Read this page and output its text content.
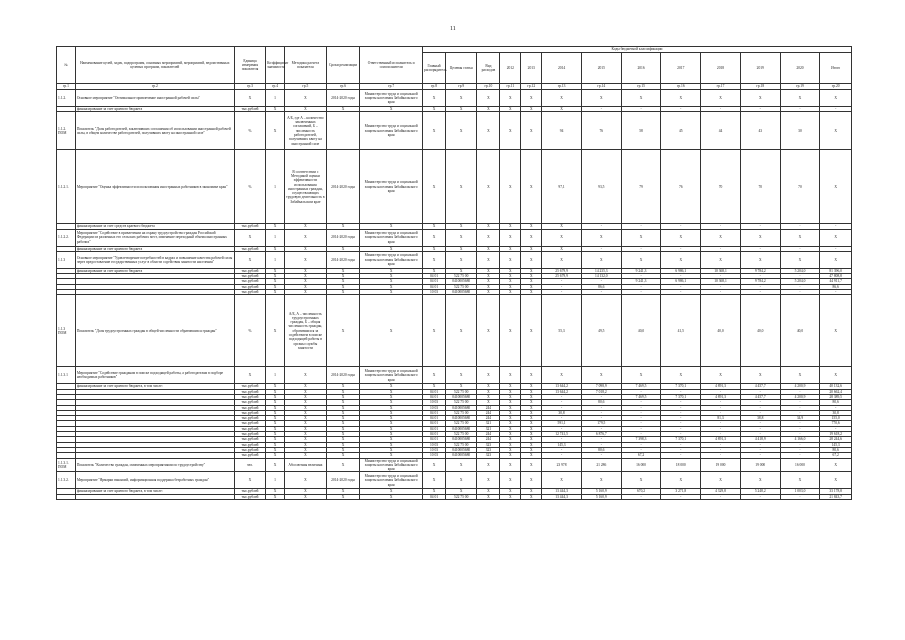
11
№	Наименование целей, задач, подпрограмм, основных мероприятий, мероприятий, ведомственных целевых программ, показателей	Единица измерения показателя	Коэффициент значимости	Методика расчета показателя	Сроки реализации	Ответственный исполнитель и соисполнители	Коды бюджетной классификации												
							Главный распорядитель	Целевая статья	Вид расходов	2012	2013	2014	2015	2016	2017	2018	2019	2020	Итого
гр.1	гр.2	гр.3	гр.4	гр.5	гр.6	гр.7	гр.8	гр.9	гр.10	гр.11	гр.12	гр.13	гр.14	гр.15	гр.16	гр.17	гр.18	гр.19	гр.20
1.1.2.	Основное мероприятие "Оптимальное привлечение иностранной рабочей силы"	Х	1	Х	2014-2020 годы	Министерство труда и социальной защиты населения Забайкальского края	Х	Х	Х	Х	Х	Х	Х	Х	Х	Х	Х	Х	Х
	финансирование за счет краевого бюджета	тыс.рублей	Х	Х	Х	Х	Х	Х	Х	Х	Х	Х	-	-	-	-	-	-	-
1.1.2. ПОМ	Показатель "Доля работодателей, заключивших соглашения об использовании иностранной рабочей силы, в общем количестве работодателей, получивших квоту на иностранной силе"	%	Х	А/Б, где А – количество заключенных соглашений, Б – численность работодателей, получивших квоту на иностранной силе		Министерство труда и социальной защиты населения Забайкальского края	Х	Х	Х	Х	Х	94	76	58	45	44	43	30	Х
1.1.2.1.	Мероприятие "Оценка эффективности использования иностранных работников в экономике края"	%	1	В соответствии с Методикой оценки эффективности использования иностранных граждан, осуществляющих трудовую деятельность в Забайкальском крае	2014-2020 годы	Министерство труда и социальной защиты населения Забайкальского края	Х	Х	Х	Х	Х	97,1	93,5	79	76	70	70	70	Х
	финансирование за счет средств краевого бюджета	тыс.рублей	Х	Х	Х	Х	Х	Х	Х	Х	Х	Х	-	-	-	-	-	-	-
1.1.2.2.	Мероприятие "Содействие в привлечении на охрану трудоустройство граждан Российской Федерации из различных его сельских рабочих мест, изменение переходный объема иностранных рабочих"	Х	1	Х	2014-2020 годы	Министерство труда и социальной защиты населения Забайкальского края	Х	Х	Х	Х	Х	Х	Х	Х	Х	Х	Х	Х	Х
	финансирование за счет краевого бюджета	тыс.рублей	Х	Х	Х	Х	Х	Х	Х	Х	Х	Х	-	-	-	-	-	-	-
1.1.3	Основное мероприятие "Удовлетворение потребностей в кадрах и повышение качества рабочей силы через предоставление государственных услуг в области содействия занятости населения"	Х	1	Х	2014-2020 годы	Министерство труда и социальной защиты населения Забайкальского края	Х	Х	Х	Х	Х	Х	Х	Х	Х	Х	Х	Х	Х
	финансирование за счет краевого бюджета	тыс.рублей	Х	Х	Х	Х	Х	Х	Х	Х	Х	25 679,9	14 235,3	9 241,3	6 986,1	10 368,1	9 784,2	5 204,0	81 396,0
		тыс.рублей	Х	Х	Х	Х	04 01	522 75 00	Х	Х	Х	25 679,9	14 132,0	-	-	-	-	-	47 808,8
		тыс.рублей	Х	Х	Х	Х	04 01	0410005680	Х	Х	Х	-	-	9 241,3	6 986,1	10 368,1	9 784,2	5 204,0	44 911,7
		тыс.рублей	Х	Х	Х	Х	04 01	522 75 00	Х	Х	Х	-	86,6	-	-	-	-	-	86,6
		тыс.рублей	Х	Х	Х	Х	10 03	0410005680	Х	Х	Х	-	-	-	-	-	-	-	-
1.1.3 ПОМ	Показатель "Доля трудоустроенных граждан в общей численности обратившихся граждан"	%	Х	А/Б, А – численность трудоустроенных граждан, Б – общая численность граждан, обратившихся за содействием в поиске подходящей работы в органы службы занятости	Х	Х	Х	Х	Х	Х	Х	55,3	49,5	40,0	41,5	40,0	40,0	40,0	Х
1.1.3.1	Мероприятие "Содействие гражданам в поиске подходящей работы, а работодателям в подборе необходимых работников"	Х	1	Х	2014-2020 годы	Министерство труда и социальной защиты населения Забайкальского края	Х	Х	Х	Х	Х	Х	Х	Х	Х	Х	Х	Х	Х
	финансирование за счет краевого бюджета, в том числе:	тыс.рублей	Х	Х	Х	Х	Х	Х	Х	Х	Х	13 644,2	7 098,9	7 469,5	7 370,1	4 891,3	4 457,7	4 200,9	40 132,6
		тыс.рублей	Х	Х	Х	Х	04 01	522 75 00	Х	Х	Х	13 644,2	7 018,2	-	-	-	-	-	20 662,4
		тыс.рублей	Х	Х	Х	Х	04 01	0410005680	Х	Х	Х	-	-	7 469,5	7 370,1	4 891,3	4 457,7	4 200,9	28 389,5
		тыс.рублей	Х	Х	Х	Х	10 03	522 75 00	Х	Х	Х	-	80,6	-	-	-	-	-	80,6
		тыс.рублей	Х	Х	Х	Х	10 03	0410005680	244	Х	Х	-	-	-	-	-	-	-	-
		тыс.рублей	Х	Х	Х	Х	04 01	522 75 00	244	Х	Х	30,8	-	-	-	-	-	-	30,8
		тыс.рублей	Х	Х	Х	Х	04 01	0410005680	244	Х	Х	-	-	-	-	81,3	38,8	34,9	155,0
		тыс.рублей	Х	Х	Х	Х	04 01	522 75 00	321	Х	Х	591,1	179,5	-	-	-	-	-	770,6
		тыс.рублей	Х	Х	Х	Х	04 01	0410005680	321	Х	Х	-	-	-	-	-	-	-	-
		тыс.рублей	Х	Х	Х	Х	04 01	522 75 00	244	Х	Х	12 741,5	6 876,7	-	-	-	-	-	19 618,2
		тыс.рублей	Х	Х	Х	Х	04 01	0410005680	244	Х	Х	-	-	7 398,3	7 370,1	4 891,3	4 418,9	4 166,0	28 244,6
		тыс.рублей	Х	Х	Х	Х	10 03	522 75 00	323	Х	Х	145,3	-	-	-	-	-	-	145,3
		тыс.рублей	Х	Х	Х	Х	10 03	0410005680	323	Х	Х	-	80,6	-	-	-	-	-	80,6
		тыс.рублей	Х	Х	Х	Х	10 03	0410005680	323	Х	Х	-	-	67,2	-	-	-	-	67,2
1.1.3.1. ПОМ	Показатель "Количество граждан, охваченных мероприятиями по трудоустройству"	чел.	Х	Абсолютная величина	Х	Министерство труда и социальной защиты населения Забайкальского края	Х	Х	Х	Х	Х	23 978	21 286	16 000	18 000	19 000	19 000	16 000	Х
1.1.3.2.	Мероприятие "Ярмарки вакансий, информационная поддержка безработных граждан"	Х	1	Х	2014-2020 годы	Министерство труда и социальной защиты населения Забайкальского края	Х	Х	Х	Х	Х	Х	Х	Х	Х	Х	Х	Х	Х
	финансирование за счет краевого бюджета, в том числе:	тыс.рублей	Х	Х	Х	Х	Х	Х	Х	Х	Х	13 444,3	5 160,9	670,2	3 271,8	4 329,8	5 248,2	1 003,0	33 178,8
		тыс.рублей	Х	Х	Х	Х	04 01	522 75 00	Х	Х	Х	13 444,3	5 160,9	-	-	-	-	-	21 843,7
